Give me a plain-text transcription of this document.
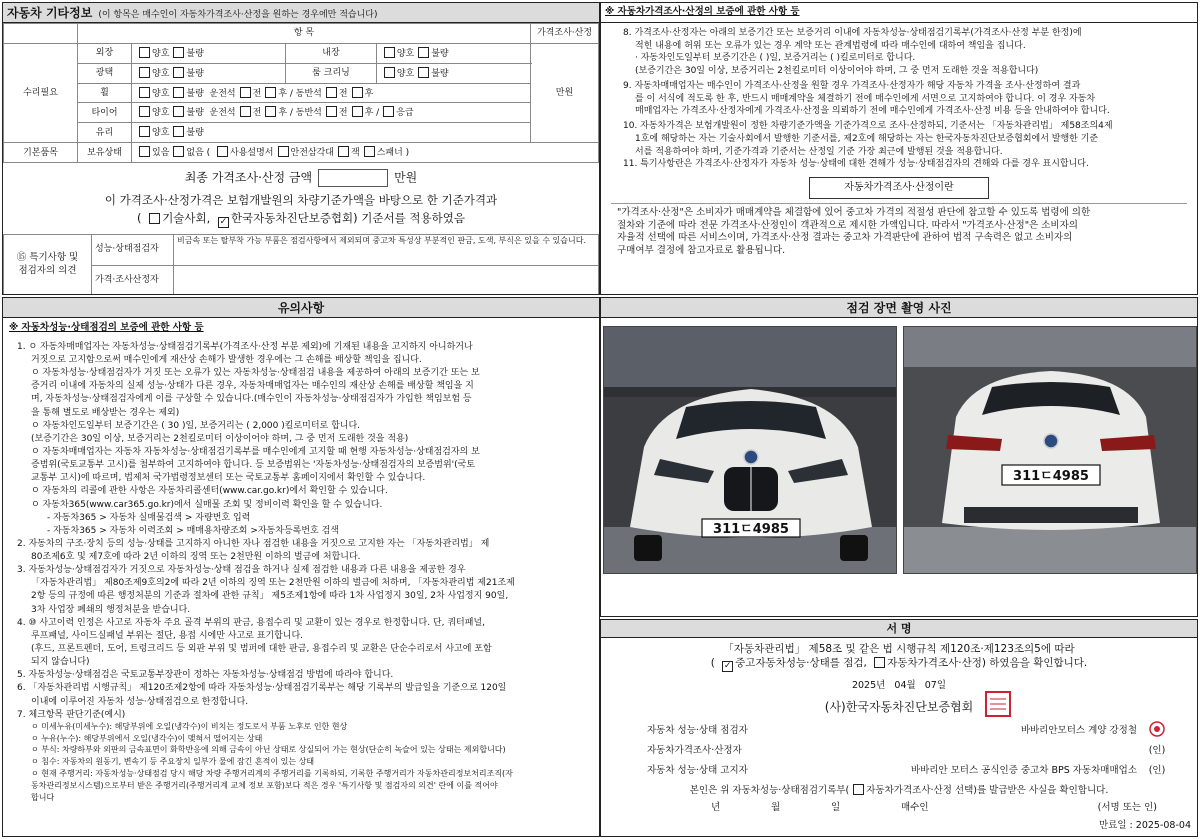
자동차 기타정보 (이 항목은 매수인이 자동차가격조사·산정을 원하는 경우에만 적습니다)
	항 목				가격조사·산정
수리필요	외장	양호 불량	내장	양호 불량	만원
	광택	양호 불량	룸 크리닝	양호 불량	
	휠	양호 불량 운전석 전 후 / 동반석 전 후			
	타이어	양호 불량 운전석 전 후 / 동반석 전 후 / 응급			
	유리	양호 불량			
기본품목	보유상태	있음 없음 ( 사용설명서 안전삼각대 잭 스패너 )			
최종 가격조사·산정 금액	만원
이 가격조사·산정가격은 보험개발원의 차량기준가액을 바탕으로 한 기준가격과
( 기술사회, ✓ 한국자동차진단보증협회) 기준서를 적용하였음
⑮ 특기사항 및
점검자의 의견	성능·상태점검자	비금속 또는 탈부착 가능 부품은 점검사항에서 제외되며 중고차 특성상 부분적인 판금, 도색, 부식은 있을 수 있습니다.
	가격·조사산정자	
※ 자동차가격조사·산정의 보증에 관한 사항 등
8. 가격조사·산정자는 아래의 보증기간 또는 보증거리 이내에 자동차성능·상태점검기록부(가격조사·산정 부분 한정)에
적힌 내용에 허위 또는 오류가 있는 경우 계약 또는 관계법령에 따라 매수인에 대하여 책임을 집니다.
· 자동차인도일부터 보증기간은 ( )일, 보증거리는 ( )킬로미터로 합니다.
(보증기간은 30일 이상, 보증거리는 2천킬로미터 이상이어야 하며, 그 중 먼저 도래한 것을 적용합니다)
9. 자동차매매업자는 매수인이 가격조사·산정을 원할 경우 가격조사·산정자가 해당 자동차 가격을 조사·산정하여 결과
를 이 서식에 적도록 한 후, 반드시 매매계약을 체결하기 전에 매수인에게 서면으로 고지하여야 합니다. 이 경우 자동차
매매업자는 가격조사·산정자에게 가격조사·산정을 의뢰하기 전에 매수인에게 가격조사·산정 비용 등을 안내하여야 합니다.
10. 자동차가격은 보험개발원이 정한 차량기준가액을 기준가격으로 조사·산정하되, 기준서는 「자동차관리법」 제58조의4제
1호에 해당하는 자는 기술사회에서 발행한 기준서를, 제2호에 해당하는 자는 한국자동차진단보증협회에서 발행한 기준
서를 적용하여야 하며, 기준가격과 기준서는 산정일 기준 가장 최근에 발행된 것을 적용합니다.
11. 특기사항란은 가격조사·산정자가 자동차 성능·상태에 대한 견해가 성능·상태점검자의 견해와 다를 경우 표시합니다.
자동차가격조사·산정이란
"가격조사·산정"은 소비자가 매매계약을 체결함에 있어 중고차 가격의 적절성 판단에 참고할 수 있도록 법령에 의한
절차와 기준에 따라 전문 가격조사·산정인이 객관적으로 제시한 가액입니다. 따라서 "가격조사·산정"은 소비자의
자율적 선택에 따른 서비스이며, 가격조사·산정 결과는 중고차 가격판단에 관하여 법적 구속력은 없고 소비자의
구매여부 결정에 참고자료로 활용됩니다.
유의사항
※ 자동차성능·상태점검의 보증에 관한 사항 등

1. ㅇ 자동차매매업자는 자동차성능·상태점검기록부(가격조사·산정 부분 제외)에 기재된 내용을 고지하지 아니하거나

거짓으로 고지함으로써 매수인에게 재산상 손해가 발생한 경우에는 그 손해를 배상할 책임을 집니다.

ㅇ 자동차성능·상태점검자가 거짓 또는 오류가 있는 자동차성능·상태점검 내용을 제공하여 아래의 보증기간 또는 보

증거리 이내에 자동차의 실제 성능·상태가 다른 경우, 자동차매매업자는 매수인의 재산상 손해를 배상할 책임을 지

며, 자동차성능·상태점검자에게 이를 구상할 수 있습니다.(매수인이 자동차성능·상태점검자가 가입한 책임보험 등

을 통해 별도로 배상받는 경우는 제외)

ㅇ 자동차인도일부터 보증기간은 ( 30 )일, 보증거리는 ( 2,000 )킬로미터로 합니다.

(보증기간은 30일 이상, 보증거리는 2천킬로미터 이상이어야 하며, 그 중 먼저 도래한 것을 적용)

ㅇ 자동차매매업자는 자동차 자동차성능·상태점검기록부를 매수인에게 고지할 때 현행 자동차성능·상태점검자의 보

증범위(국토교통부 고시)를 첨부하여 고지하여야 합니다. 등 보증범위는 '자동차성능·상태점검자의 보증범위'(국토

교통부 고시)에 따르며, 법제처 국가법령정보센터 또는 국토교통부 홈페이지에서 확인할 수 있습니다.

ㅇ 자동차의 리콜에 관한 사항은 자동차리콜센터(www.car.go.kr)에서 확인할 수 있습니다.

ㅇ 자동차365(www.car365.go.kr)에서 실매물 조회 및 정비이력 확인을 할 수 있습니다.

- 자동차365 > 자동차 실매물검색 > 자량번호 입력

- 자동차365 > 자동차 이력조회 > 매매용차량조회 >자동차등록번호 검색

2. 자동차의 구조·장치 등의 성능·상태를 고지하지 아니한 자나 점검한 내용을 거짓으로 고지한 자는 「자동차관리법」 제

80조제6호 및 제7호에 따라 2년 이하의 징역 또는 2천만원 이하의 벌금에 처합니다.

3. 자동차성능·상태점검자가 거짓으로 자동차성능·상태 점검을 하거나 실제 점검한 내용과 다른 내용을 제공한 경우

「자동차관리법」 제80조제9호의2에 따라 2년 이하의 징역 또는 2천만원 이하의 벌금에 처하며, 「자동차관리법 제21조제

2항 등의 규정에 따른 행정처분의 기준과 절차에 관한 규칙」 제5조제1항에 따라 1차 사업정지 30일, 2차 사업정지 90일,

3차 사업장 폐쇄의 행정처분을 받습니다.

4. ⑩ 사고이력 인정은 사고로 자동차 주요 골격 부위의 판금, 용접수리 및 교환이 있는 경우로 한정합니다. 단, 쿼터패널,

루프패널, 사이드실패널 부위는 절단, 용접 시에만 사고로 표기합니다.

(후드, 프론트펜더, 도어, 트렁크리드 등 외판 부위 및 범퍼에 대한 판금, 용접수리 및 교환은 단순수리로서 사고에 포함

되지 않습니다)

5. 자동차성능·상태점검은 국토교통부장관이 정하는 자동차성능·상태점검 방법에 따라야 합니다.

6. 「자동차관리법 시행규칙」 제120조제2항에 따라 자동차성능·상태점검기록부는 해당 기록부의 발급일을 기준으로 120일

이내에 이루어진 자동차 성능·상태점검으로 한정합니다.

7. 체크항목 판단기준(예시)

ㅇ 미세누유(미세누수): 해당부위에 오일(냉각수)이 비치는 정도로서 부품 노후로 인한 현상

ㅇ 누유(누수): 해당부위에서 오일(냉각수)이 맺혀서 떨어지는 상태

ㅇ 부식: 차량하부와 외판의 금속표면이 화학반응에 의해 금속이 아닌 상태로 상실되어 가는 현상(단순히 녹슬어 있는 상태는 제외합니다)

ㅇ 침수: 자동차의 원동기, 변속기 등 주요장치 일부가 물에 잠긴 흔적이 있는 상태

ㅇ 현재 주행거리: 자동차성능·상태점검 당시 해당 차량 주행거리계의 주행거리를 기록하되, 기록한 주행거리가 자동차관리정보처리조직(자

동차관리정보시스템)으로부터 받은 주행거리(주행거리계 교체 정보 포함)보다 적은 경우 '특기사항 및 점검자의 의견' 란에 이를 적어야

합니다

점검 장면 촬영 사진
311ㄷ4985
311ㄷ4985
서 명
「자동차관리법」 제58조 및 같은 법 시행규칙 제120조·제123조의5에 따라
( ✓ 중고자동차성능·상태를 점검, 자동차가격조사·산정) 하였음을 확인합니다.
2025년 04월 07일
(사)한국자동차진단보증협회
자동차 성능·상태 점검자	바바리안모터스 계양 강정철
자동차가격조사·산정자	(인)
자동차 성능·상태 고지자	바바리안 모터스 공식인증 중고차 BPS 자동차매매업소	(인)
본인은 위 자동차성능·상태점검기록부( 자동차가격조사·산정 선택)를 발급받은 사실을 확인합니다.
년	월	일	매수인	(서명 또는 인)
만료일 : 2025-08-04
